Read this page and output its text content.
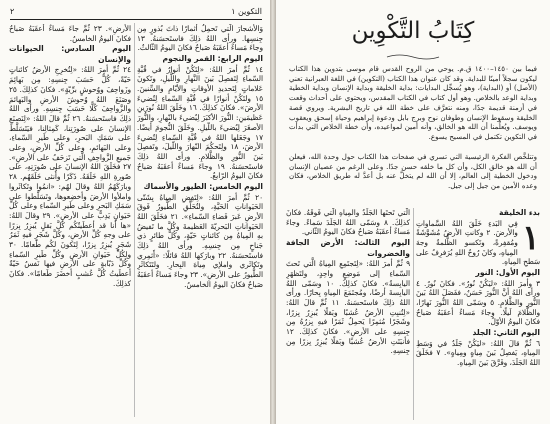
٢	التكوين ١

وَالأَشجارَ الَّتي تَحمِلُ أثمارًا ذاتَ بُذورٍ مِن جِنسِها. ورأى اللهُ ذلِكَ فاستَحسَنهُ. ١٣ وجاءَ مَساءٌ أعقَبَهُ صَباحٌ فكانَ اليومُ الثّالثُ.

اليوم الرابع: القمر والنجوم

١٤ ثُمَّ أمرَ اللهُ: «لِتَكُنْ أنوارٌ في قُبَّةِ السّماءِ لِتَفصِلَ بَينَ النَّهارِ واللَّيلِ، وتَكونَ عَلاماتٍ لِتَحديدِ الأوقاتِ والأيّامِ والسِّنينَ. ١٥ ولتَكُنْ أنوارًا في قُبَّةِ السّماءِ لِتُضيءَ الأرضَ». فكانَ كذلِكَ. ١٦ وخَلَقَ اللهُ نُورَينِ عَظيمَينِ: النُّورَ الأكبَرَ لِيُضيءَ بالنّهارِ، والنُّورَ الأصغَرَ لِيُضيءَ باللّيلِ. وخَلَقَ النُّجومَ أيضًا. ١٧ وجَعَلها اللهُ في قُبَّةِ السّماءِ لِتُضيءَ الأرضَ، ١٨ ولِتَحكُمَ النّهارَ واللّيلَ، وتَفصِلَ بَينَ النُّورِ والظَّلامِ. ورأى اللهُ ذلِكَ فاستَحسَنهُ. ١٩ وجاءَ مَساءٌ أعقَبَهُ صَباحٌ فكانَ اليومُ الرّابعُ.

اليوم الخامس: الطيور والأسماك

٢٠ ثُمَّ أمرَ اللهُ: «لِتَفِضِ المِياهُ بِشَتّى الحَيَواناتِ الحَيَّةِ، ولتُحَلِّقِ الطُّيورُ فَوقَ الأرضِ عَبرَ فَضاءِ السّماءِ». ٢١ فخَلَقَ اللهُ الحَيَواناتِ البَحريّةَ العَظيمةَ وكُلَّ ما تَفيضُ بهِ المِياهُ مِن كائناتٍ حَيّةٍ، وكُلَّ طائرٍ ذي جَناحٍ مِن جِنسِهِ. ورأى اللهُ ذلِكَ فاستَحسَنهُ. ٢٢ وبارَكها اللهُ قائلًا: «أَثمِري وتَكاثَري واملإي مِياهَ البِحارِ. ولتَتَكاثَرِ الطُّيورُ على الأرضِ». ٢٣ وجاءَ مَساءٌ أعقَبَهُ صَباحٌ فكانَ اليومُ الخامسُ.

الأرضِ». ٢٣ ثُمَّ جاءَ مَساءٌ أعقَبَهُ صَباحٌ فكانَ اليومُ الخامسُ.

اليوم السادس: الحيوانات والإنسان

٢٤ ثُمَّ أمرَ اللهُ: «لِتُخرِجِ الأرضُ كائناتٍ حَيّةً، كُلٌّ حَسَبَ جِنسِهِ: مِن بَهائِمَ وزَواحِفَ ووُحوشٍ برِّيّةٍ». فكانَ كذلِكَ. ٢٥ وصَنَعَ اللهُ وُحوشَ الأرضِ والبَهائمَ والزَّواحِفَ كُلًّا حَسَبَ جِنسِهِ. ورأى اللهُ ذلِكَ فاستَحسَنهُ. ٢٦ ثُمَّ قالَ اللهُ: «لِنَصنَعِ الإنسانَ على صُورَتِنا، كَمِثالِنا، فيَتَسَلَّطَ على سَمَكِ البَحرِ، وعلى طَيرِ السّماءِ، وعلى البَهائمِ، وعلى كُلِّ الأرضِ، وعلى جَميعِ الزَّواحِفِ الَّتي تَزحَفُ على الأرضِ». ٢٧ فخَلَقَ اللهُ الإنسانَ على صُورَتِهِ، على صُورةِ اللهِ خَلَقَهُ. ذَكَرًا وأُنثى خَلَقَهُم. ٢٨ وبارَكَهُمُ اللهُ وقالَ لهُم: «انمُوا وتَكاثَروا واملأوا الأرضَ وأخضِعوها، وتَسَلَّطوا على سَمَكِ البَحرِ وعلى طَيرِ السّماءِ وعلى كُلِّ حَيَوانٍ يَدِبُّ على الأرضِ». ٢٩ وقالَ اللهُ: «ها أنا قد أعطَيتُكُم كُلَّ بَقلٍ يُبزِرُ بِزرًا على وجهِ كُلِّ الأرضِ، وكُلَّ شَجَرٍ فيهِ ثَمَرُ شَجَرٍ يُبزِرُ بِزرًا، لِتَكونَ لكُم طَعامًا. ٣٠ ولِكُلِّ حَيَوانِ الأرضِ وكُلِّ طَيرِ السّماءِ وكُلِّ دَبّابةٍ على الأرضِ فيها نَفسٌ حَيّةٌ أعطَيتُ كُلَّ عُشبٍ أخضَرَ طَعامًا». فكانَ كذلِكَ.

كِتَابُ التَّكْوِين

فيما بين ١٤٥٠–١٤٠٠ ق.م. يوحي من الروح القدس قام موسى بتدوين هذا الكتاب ليكون سجلاً أمينًا للبداية. وقد كان عنوان هذا الكتاب (التكوين) في اللغة العبرانية تعني (الأصل) أو (البداية)، وهو يُسجِّل البدايات: بداية الخليقة وبداية الإنسان وبداية الخطية وبداية الوعد بالخلاص. وهو أول كتاب في الكتاب المقدس، ويحتوي على أحداث وقعت في أزمنة قديمة جدًا، ومنه نتعرَّف على خطة الله في تاريخ البشرية. ويروي قصة الخليقة وسقوط الإنسان وطوفان نوح وبرج بابل ودعوة إبراهيم وحياة إسحق ويعقوب ويوسف. ويُعلِّمنا أن الله هو الخالق، وأنه أمين لمواعيده، وأن خطة الخلاص التي بدأت في التكوين تكتمل في المسيح يسوع.

وتتلخَّص الفكرة الرئيسية التي تسري في صفحات هذا الكتاب حول وحدة الله، فيعلن أن الله هو خالق الكل، وأن كل ما خلقه حسن جدًا. وعلى الرغم من عصيان الإنسان ودخول الخطية إلى العالم، إلا أن الله لم يتخلَّ عنه بل أعدَّ له طريق الخلاص، فكان وعده الأمين من جيل إلى جيل.

بدء الخليقة

١

فِي البَدءِ خَلَقَ اللهُ السَّماواتِ والأرضَ. ٢ وكانتِ الأرضُ مُشَوَّشَةً ومُقفِرةً، وتَكسو الظُّلمةُ وجهَ المِياهِ، وكانَ رُوحُ اللهِ يُرَفرِفُ على سَطحِ المِياهِ.

اليوم الأول: النور

٣ وأمرَ اللهُ: «ليَكُنْ نُورٌ». فكانَ نُورٌ. ٤ ورأى اللهُ أنَّ النُّورَ حَسَنٌ، ففَصَلَ اللهُ بَينَ النُّورِ والظَّلامِ. ٥ وسَمّى اللهُ النُّورَ نَهارًا، والظَّلامَ لَيلًا. وجاءَ مَساءٌ أعقَبَهُ صَباحٌ فكانَ اليومُ الأوّلُ.

اليوم الثاني: الجلد

٦ ثُمَّ قالَ اللهُ: «ليَكُنْ جَلَدٌ في وَسَطِ المِياهِ، يَفصِلُ بَينَ مِياهٍ ومِياهٍ». ٧ فخَلَقَ اللهُ الجَلَدَ، وفَرَّقَ بَينَ المِياهِ.

الَّتي تَحتَها الجَلَدُ والمِياهِ الَّتي فَوقَهُ. فكانَ كذلِكَ. ٨ وسَمّى اللهُ الجَلَدَ سَماءً. وجاءَ مَساءٌ أعقَبَهُ صَباحٌ فكانَ اليومُ الثّاني.

اليوم الثالث: الأرض الجافة والخضروات

٩ ثُمَّ أمرَ اللهُ: «لِتَجتَمِعِ المِياهُ الَّتي تَحتَ السّماءِ إلى مَوضِعٍ واحِدٍ، ولتَظهَرِ اليابِسةُ». فكانَ كذلِكَ. ١٠ وسَمّى اللهُ اليابِسةَ أرضًا، ومُجتَمَعَ المِياهِ بِحارًا. ورأى اللهُ ذلِكَ فاستَحسَنهُ. ١١ ثُمَّ قالَ اللهُ: «لِتُنبِتِ الأرضُ عُشبًا وبَقلًا يُبزِرُ بِزرًا، وشَجَرًا مُثمِرًا يَحمِلُ ثَمَرًا فيهِ بِزرُهُ مِن جِنسِهِ على الأرضِ». فكانَ كذلِكَ. ١٢ فأنبَتَتِ الأرضُ عُشبًا وبَقلًا يُبزِرُ بِزرًا مِن جِنسِهِ.
